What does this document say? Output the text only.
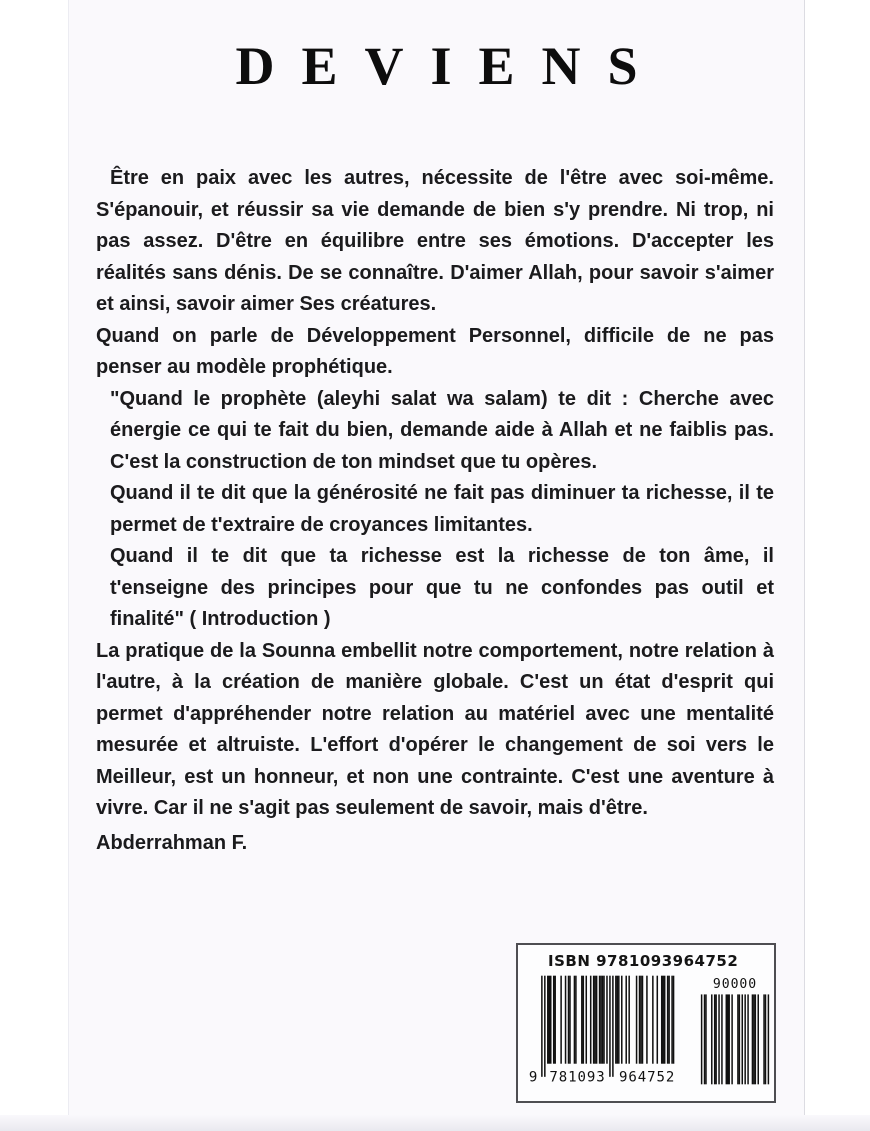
DEVIENS

Être en paix avec les autres, nécessite de l'être avec soi-même. S'épanouir, et réussir sa vie demande de bien s'y prendre. Ni trop, ni pas assez. D'être en équilibre entre ses émotions. D'accepter les réalités sans dénis. De se connaître. D'aimer Allah, pour savoir s'aimer et ainsi, savoir aimer Ses créatures.

Quand on parle de Développement Personnel, difficile de ne pas penser au modèle prophétique.

"Quand le prophète (aleyhi salat wa salam) te dit : Cherche avec énergie ce qui te fait du bien, demande aide à Allah et ne faiblis pas. C'est la construction de ton mindset que tu opères.

Quand il te dit que la générosité ne fait pas diminuer ta richesse, il te permet de t'extraire de croyances limitantes.

Quand il te dit que ta richesse est la richesse de ton âme, il t'enseigne des principes pour que tu ne confondes pas outil et finalité" ( Introduction )

La pratique de la Sounna embellit notre comportement, notre relation à l'autre, à la création de manière globale. C'est un état d'esprit qui permet d'appréhender notre relation au matériel avec une mentalité mesurée et altruiste. L'effort d'opérer le changement de soi vers le Meilleur, est un honneur, et non une contrainte. C'est une aventure à vivre. Car il ne s'agit pas seulement de savoir, mais d'être.

Abderrahman F.
ISBN 9781093964752
9 781093 964752
90000
